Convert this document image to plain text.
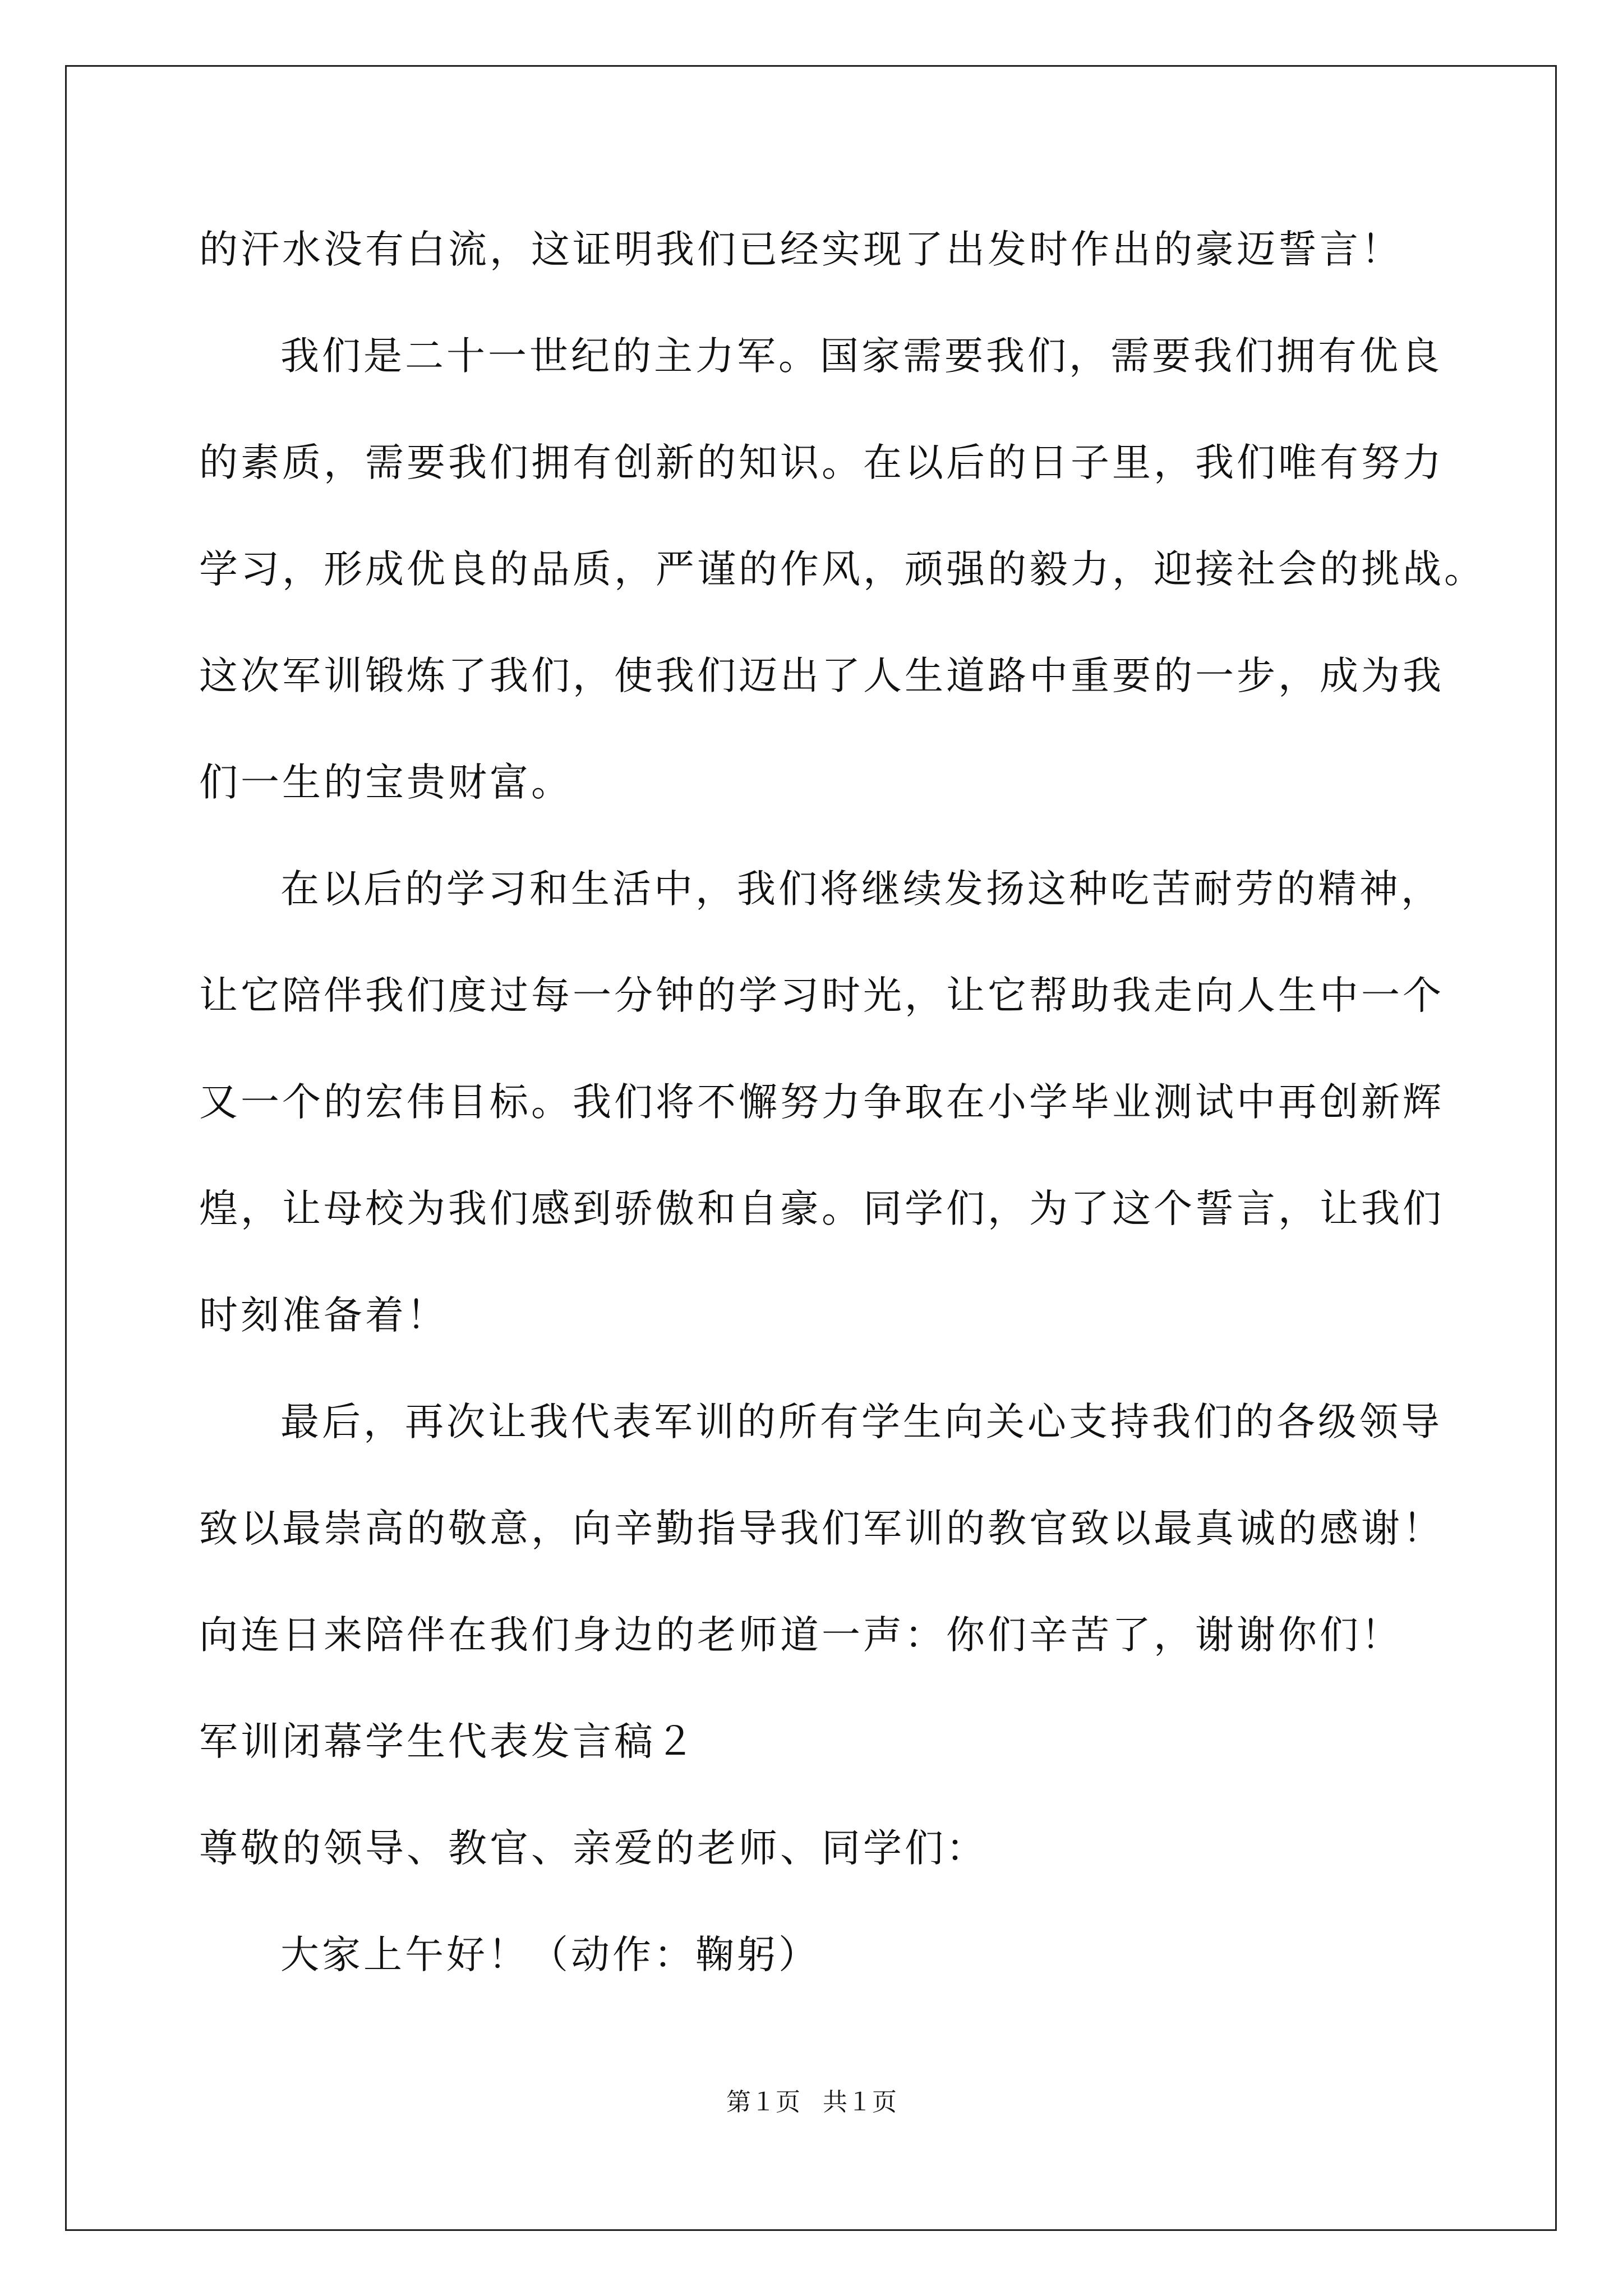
的汗水没有白流，这证明我们已经实现了出发时作出的豪迈誓言！
我们是二十一世纪的主力军。国家需要我们，需要我们拥有优良
的素质，需要我们拥有创新的知识。在以后的日子里，我们唯有努力
学习，形成优良的品质，严谨的作风，顽强的毅力，迎接社会的挑战。
这次军训锻炼了我们，使我们迈出了人生道路中重要的一步，成为我
们一生的宝贵财富。
在以后的学习和生活中，我们将继续发扬这种吃苦耐劳的精神，
让它陪伴我们度过每一分钟的学习时光，让它帮助我走向人生中一个
又一个的宏伟目标。我们将不懈努力争取在小学毕业测试中再创新辉
煌，让母校为我们感到骄傲和自豪。同学们，为了这个誓言，让我们
时刻准备着！
最后，再次让我代表军训的所有学生向关心支持我们的各级领导
致以最崇高的敬意，向辛勤指导我们军训的教官致以最真诚的感谢！
向连日来陪伴在我们身边的老师道一声：你们辛苦了，谢谢你们！
军训闭幕学生代表发言稿２
尊敬的领导、教官、亲爱的老师、同学们：
大家上午好！（动作：鞠躬）
第１页 共１页
